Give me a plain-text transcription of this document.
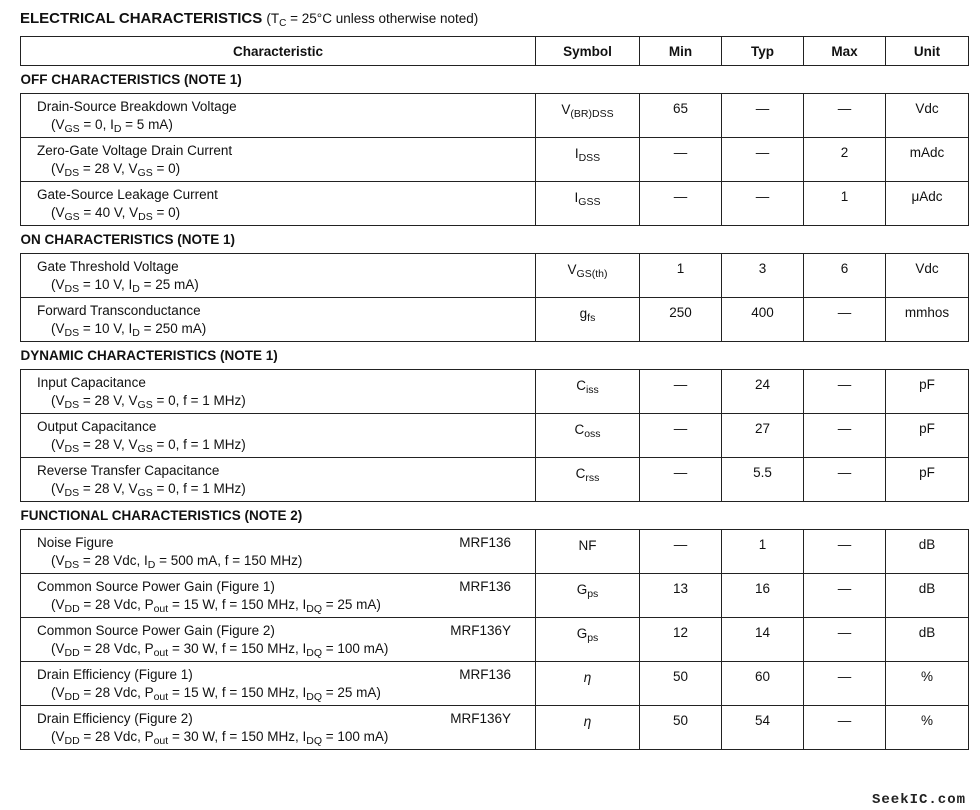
ELECTRICAL CHARACTERISTICS ($T_C = 25^\circ C$ unless otherwise noted)
Characteristic	Symbol	Min	Typ	Max	Unit
OFF CHARACTERISTICS (NOTE 1)					

Drain-Source Breakdown Voltage
($V_{GS} = 0$, $I_D = 5$ mA)	$V_{(BR)DSS}$	65	—	—	Vdc

Zero-Gate Voltage Drain Current
($V_{DS} = 28$ V, $V_{GS} = 0$)	$I_{DSS}$	—	—	2	mAdc

Gate-Source Leakage Current
($V_{GS} = 40$ V, $V_{DS} = 0$)	$I_{GSS}$	—	—	1	μAdc
ON CHARACTERISTICS (NOTE 1)					

Gate Threshold Voltage
($V_{DS} = 10$ V, $I_D = 25$ mA)	$V_{GS(th)}$	1	3	6	Vdc

Forward Transconductance
($V_{DS} = 10$ V, $I_D = 250$ mA)	$g_{fs}$	250	400	—	mmhos
DYNAMIC CHARACTERISTICS (NOTE 1)					

Input Capacitance
($V_{DS} = 28$ V, $V_{GS} = 0$, f = 1 MHz)	$C_{iss}$	—	24	—	pF

Output Capacitance
($V_{DS} = 28$ V, $V_{GS} = 0$, f = 1 MHz)	$C_{oss}$	—	27	—	pF

Reverse Transfer Capacitance
($V_{DS} = 28$ V, $V_{GS} = 0$, f = 1 MHz)	$C_{rss}$	—	5.5	—	pF
FUNCTIONAL CHARACTERISTICS (NOTE 2)					

Noise Figure MRF136
($V_{DS} = 28$ Vdc, $I_D = 500$ mA, f = 150 MHz)	NF	—	1	—	dB

Common Source Power Gain (Figure 1) MRF136
($V_{DD} = 28$ Vdc, $P_{out} = 15$ W, f = 150 MHz, $I_{DQ} = 25$ mA)	$G_{ps}$	13	16	—	dB

Common Source Power Gain (Figure 2) MRF136Y
($V_{DD} = 28$ Vdc, $P_{out} = 30$ W, f = 150 MHz, $I_{DQ} = 100$ mA)	$G_{ps}$	12	14	—	dB

Drain Efficiency (Figure 1) MRF136
($V_{DD} = 28$ Vdc, $P_{out} = 15$ W, f = 150 MHz, $I_{DQ} = 25$ mA)	η	50	60	—	%

Drain Efficiency (Figure 2) MRF136Y
($V_{DD} = 28$ Vdc, $P_{out} = 30$ W, f = 150 MHz, $I_{DQ} = 100$ mA)	η	50	54	—	%
SeekIC.com
